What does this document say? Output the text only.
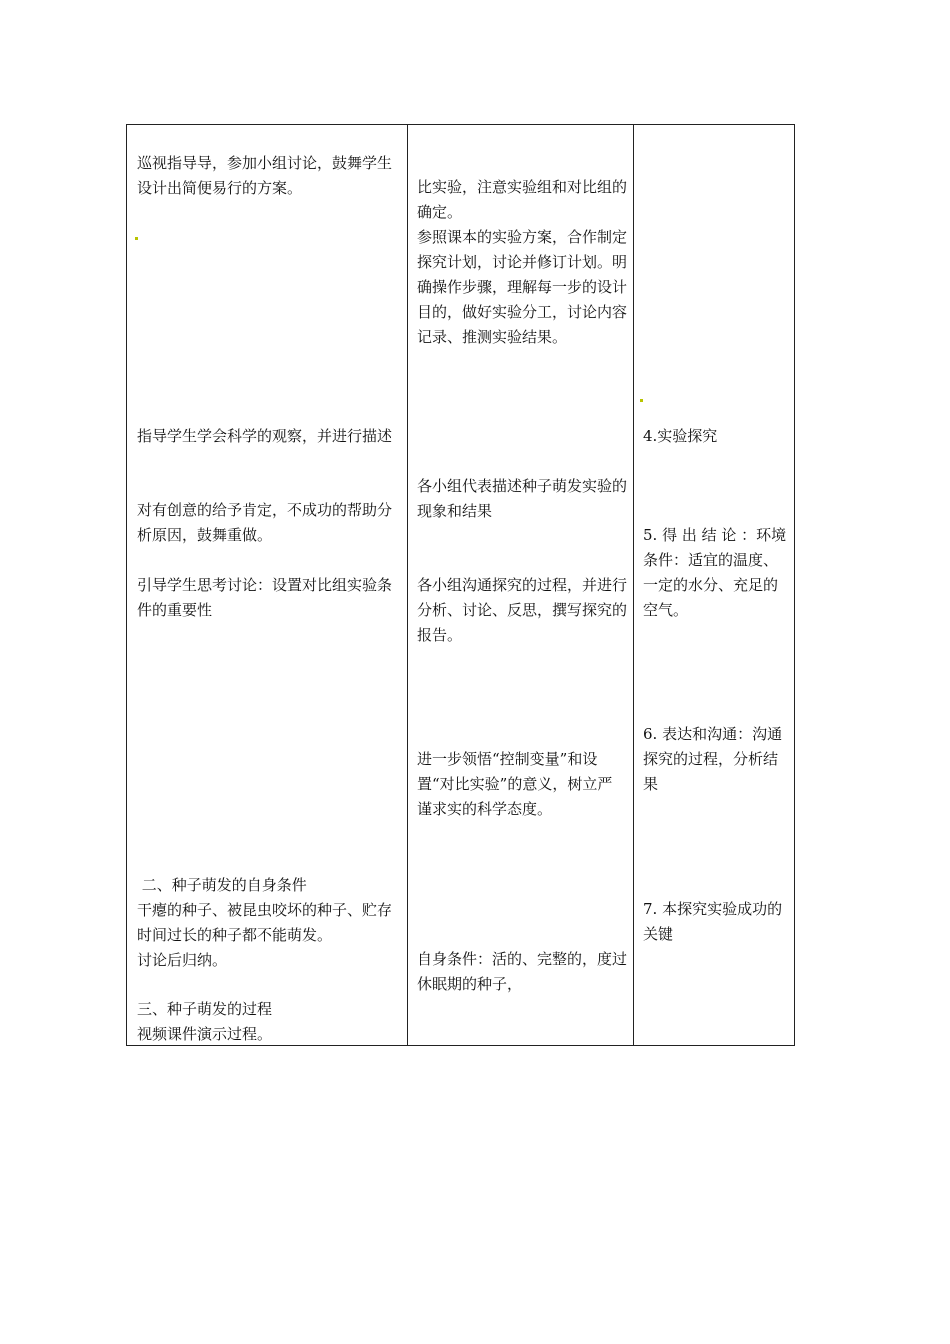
巡视指导导，参加小组讨论，鼓舞学生设计出简便易行的方案。
指导学生学会科学的观察，并进行描述
对有创意的给予肯定，不成功的帮助分析原因，鼓舞重做。
引导学生思考讨论：设置对比组实验条件的重要性
二、种子萌发的自身条件
干瘪的种子、被昆虫咬坏的种子、贮存时间过长的种子都不能萌发。
讨论后归纳。
三、种子萌发的过程
视频课件演示过程。
比实验，注意实验组和对比组的确定。
参照课本的实验方案，合作制定探究计划，讨论并修订计划。明确操作步骤，理解每一步的设计目的，做好实验分工，讨论内容记录、推测实验结果。
各小组代表描述种子萌发实验的现象和结果
各小组沟通探究的过程，并进行分析、讨论、反思，撰写探究的报告。
进一步领悟“控制变量”和设置“对比实验”的意义，树立严谨求实的科学态度。
自身条件：活的、完整的，度过休眠期的种子，
4.实验探究
5. 得 出 结 论 ：环境条件：适宜的温度、一定的水分、充足的空气。
6. 表达和沟通：沟通探究的过程，分析结果
7. 本探究实验成功的关键
